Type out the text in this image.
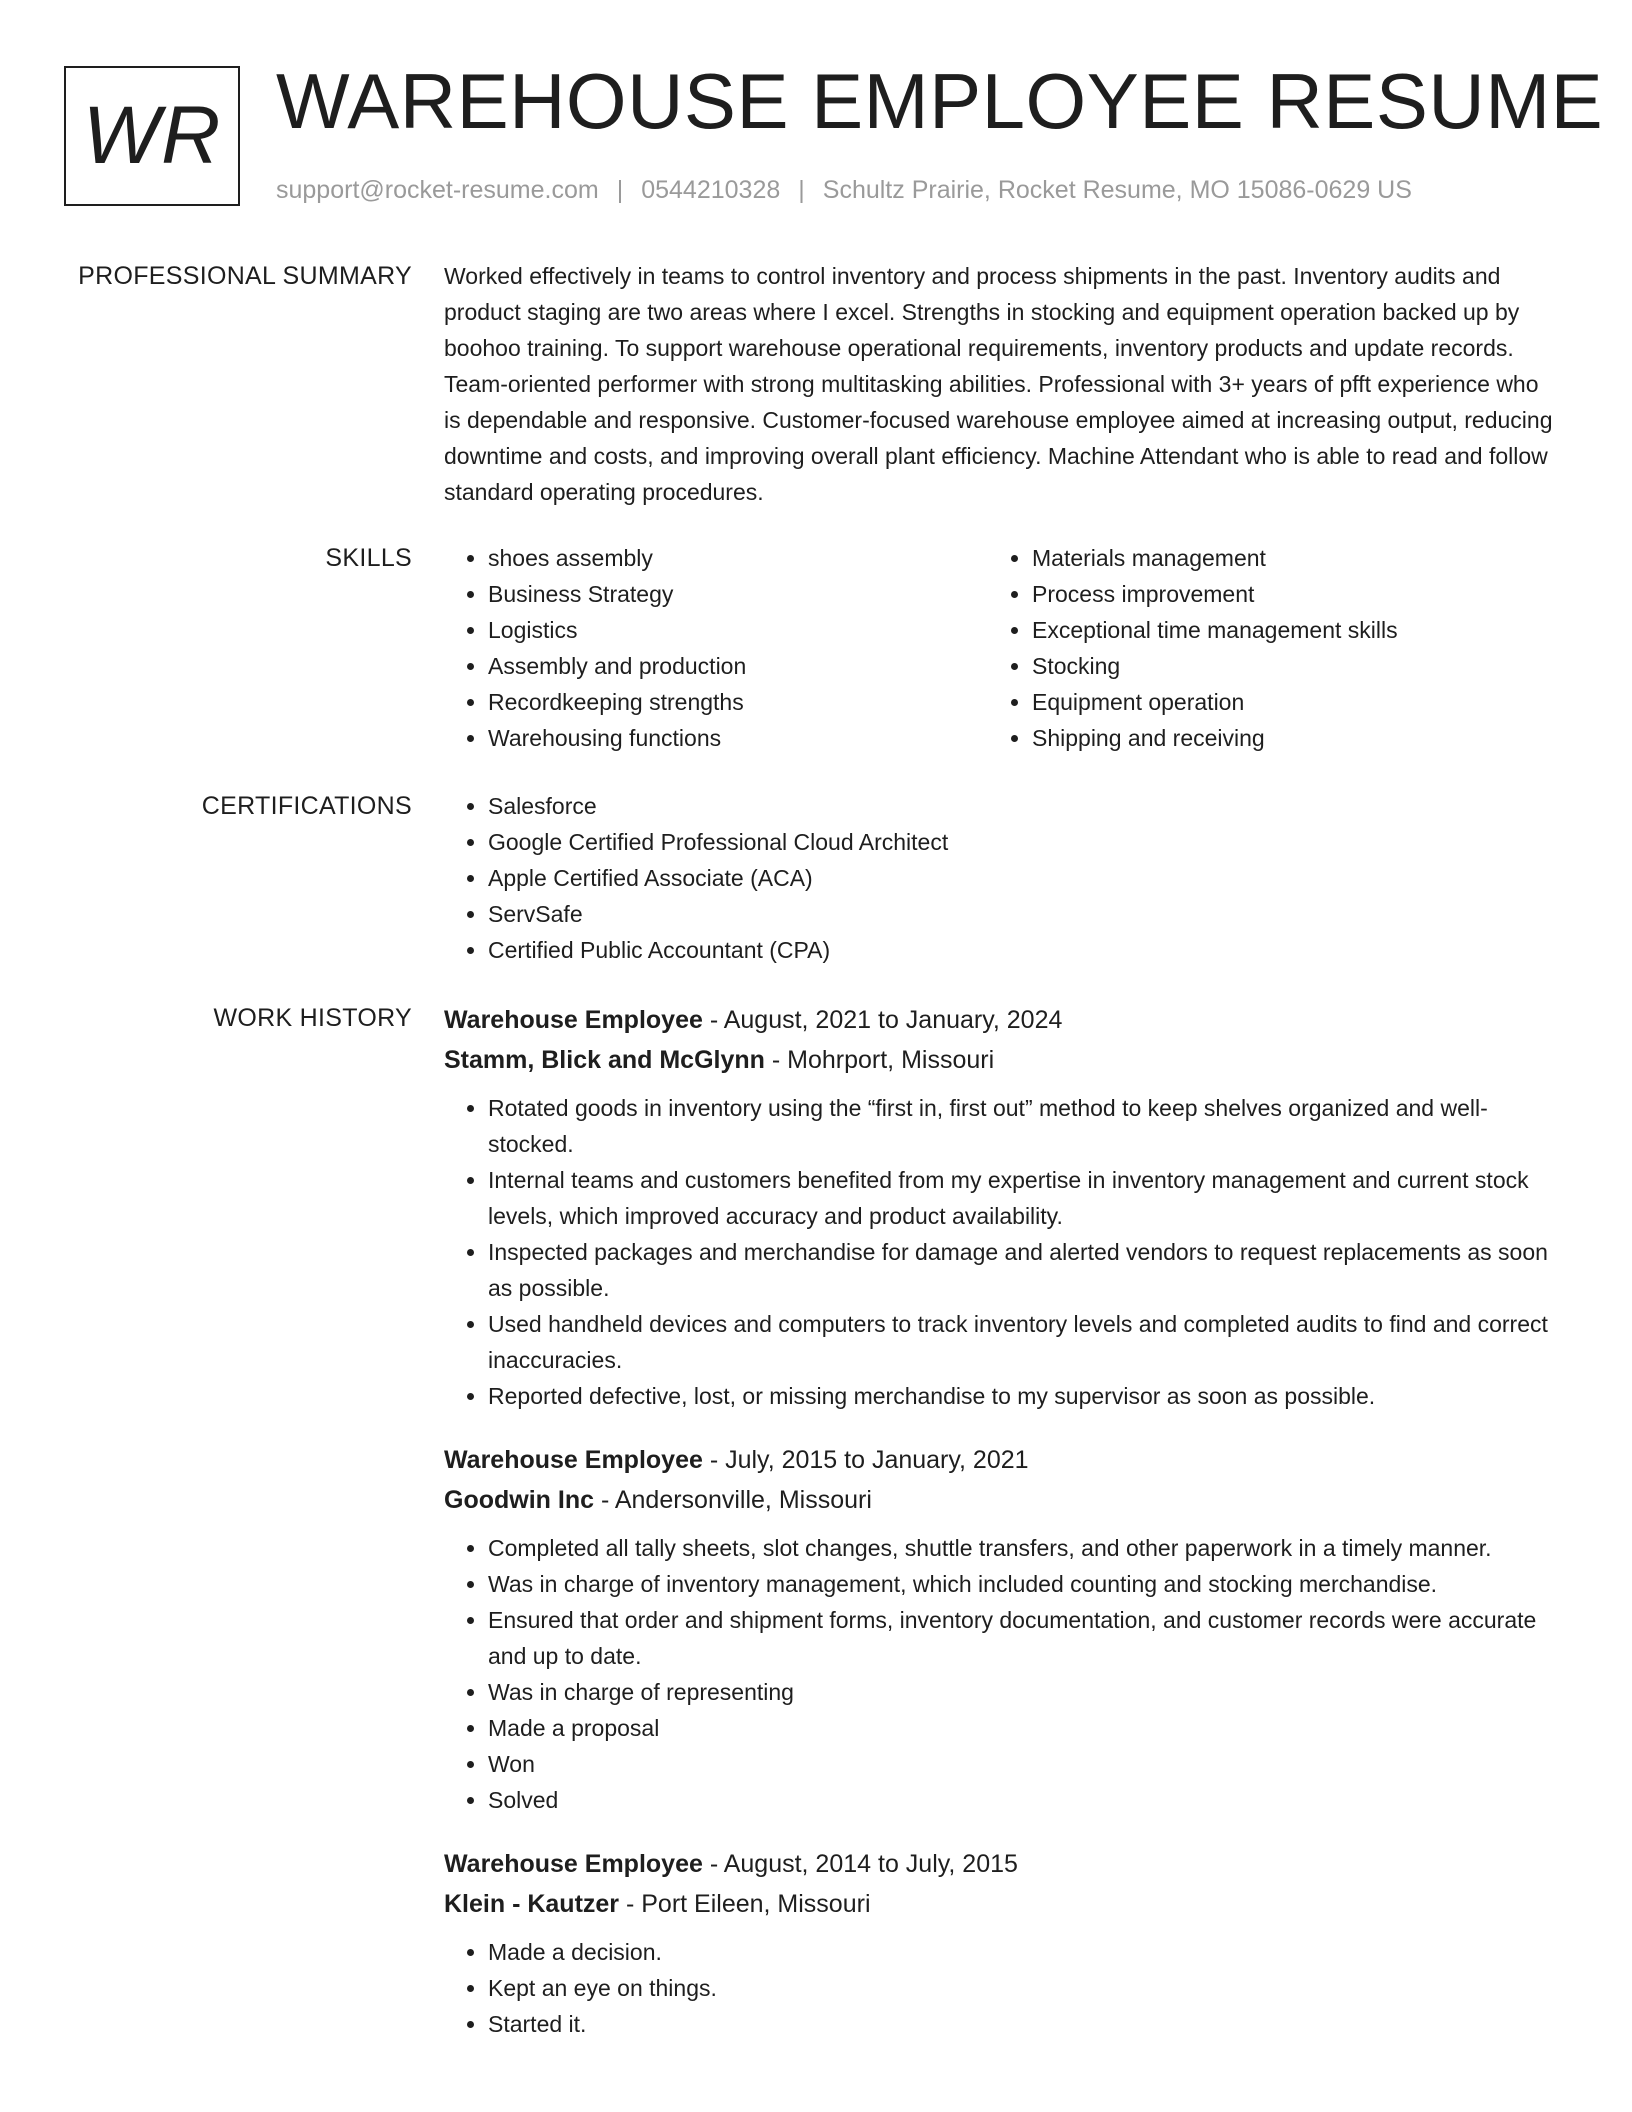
WR WAREHOUSE EMPLOYEE RESUME
support@rocket-resume.com | 0544210328 | Schultz Prairie, Rocket Resume, MO 15086-0629 US
PROFESSIONAL SUMMARY Worked effectively in teams to control inventory and process shipments in the past. Inventory audits and product staging are two areas where I excel. Strengths in stocking and equipment operation backed up by boohoo training. To support warehouse operational requirements, inventory products and update records. Team-oriented performer with strong multitasking abilities. Professional with 3+ years of pfft experience who is dependable and responsive. Customer-focused warehouse employee aimed at increasing output, reducing downtime and costs, and improving overall plant efficiency. Machine Attendant who is able to read and follow standard operating procedures.
SKILLS	• shoes assembly
• Business Strategy
• Logistics
• Assembly and production
• Recordkeeping strengths
• Warehousing functions
• Materials management
• Process improvement
• Exceptional time management skills
• Stocking
• Equipment operation
• Shipping and receiving
CERTIFICATIONS	• Salesforce
• Google Certified Professional Cloud Architect
• Apple Certified Associate (ACA)
• ServSafe
• Certified Public Accountant (CPA)
WORK HISTORY Warehouse Employee - August, 2021 to January, 2024
Stamm, Blick and McGlynn - Mohrport, Missouri
• Rotated goods in inventory using the “first in, first out” method to keep shelves organized and well-stocked.
• Internal teams and customers benefited from my expertise in inventory management and current stock levels, which improved accuracy and product availability.
• Inspected packages and merchandise for damage and alerted vendors to request replacements as soon as possible.
• Used handheld devices and computers to track inventory levels and completed audits to find and correct inaccuracies.
• Reported defective, lost, or missing merchandise to my supervisor as soon as possible.
Warehouse Employee - July, 2015 to January, 2021
Goodwin Inc - Andersonville, Missouri
• Completed all tally sheets, slot changes, shuttle transfers, and other paperwork in a timely manner.
• Was in charge of inventory management, which included counting and stocking merchandise.
• Ensured that order and shipment forms, inventory documentation, and customer records were accurate and up to date.
• Was in charge of representing
• Made a proposal
• Won
• Solved
Warehouse Employee - August, 2014 to July, 2015
Klein - Kautzer - Port Eileen, Missouri
• Made a decision.
• Kept an eye on things.
• Started it.
